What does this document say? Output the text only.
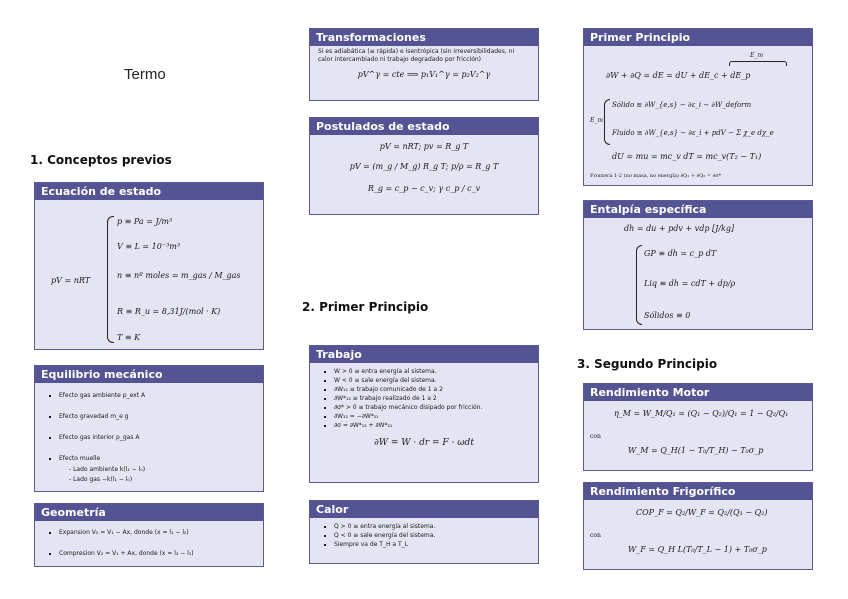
Termo
1. Conceptos previos
2. Primer Principio
3. Segundo Principio
Ecuación de estado
pV = nRT
p ≡ Pa = J/m³
V ≡ L = 10⁻³m³
n ≡ nº moles = m_gas / M_gas
R ≡ R_u = 8,31J/(mol · K)
T ≡ K
Equilibrio mecánico
▪ Efecto gas ambiente p_ext A
▪ Efecto gravedad m_e g
▪ Efecto gas interior p_gas A
▪ Efecto muelle
- Lado ambiente k(l₁ − l₀)
- Lado gas −k(l₁ − l₀)
Geometría
▪ Expansion V₂ = V₁ − Ax, donde (x = l₁ − l₂)
▪ Compresion V₂ = V₁ + Ax, donde (x = l₂ − l₁)
Transformaciones
Si es adiabática (≡ rápida) e isentrópica (sin irreversibilidades, ni calor intercambiado ni trabajo degradado por fricción)
pV^γ = cte ⟹ p₁V₁^γ = p₂V₂^γ
Postulados de estado
pV = nRT; pv = R_g T
pV = (m_g / M_g) R_g T; p/ρ = R_g T
R_g = c_p − c_v; γ c_p / c_v
Trabajo
▪ W > 0 ≡ entra energía al sistema.
▪ W < 0 ≡ sale energía del sistema.
▪ ∂W₁₂ ≡ trabajo comunicado de 1 a 2
▪ ∂W*₁₂ ≡ trabajo realizado de 1 a 2
▪ ∂σ* > 0 ≡ trabajo mecánico disipado por fricción.
▪ ∂W₁₂ = −∂W*₂₁
▪ ∂σ = ∂W*₁₂ + ∂W*₂₁
∂W = W · dr = F · ωdt
Calor
▪ Q > 0 ≡ entra energía al sistema.
▪ Q < 0 ≡ sale energía del sistema.
▪ Siempre va de T_H a T_L
Primer Principio
E_m
∂W + ∂Q = dE = dU + dE_c + dE_p
E_m
Sólido ≡ ∂W_{e,s} − ∂ε_i − ∂W_deform
Fluido ≡ ∂W_{e,s} − ∂ε_i + pdV − Σ χ_e dχ_e
dU = mu = mc_v dT = mc_v(T₂ − T₁)
Frontera 1-2 (no masa, no energía) ∂Q₁ + ∂Q₂ = ∂σ*
Entalpía específica
dh = du + pdv + vdp [J/kg]
GP ≡ dh = c_p dT
Liq ≡ dh = cdT + dp/ρ
Sólidos ≡ 0
Rendimiento Motor
η_M = W_M/Q₁ = (Q₁ − Q₂)/Q₁ = 1 − Q₂/Q₁
con
W_M = Q_H(1 − T₀/T_H) − T₀σ_p
Rendimiento Frigorífico
COP_F = Q₂/W_F = Q₂/(Q₁ − Q₂)
con
W_F = Q_H L(T₀/T_L − 1) + T₀σ_p
